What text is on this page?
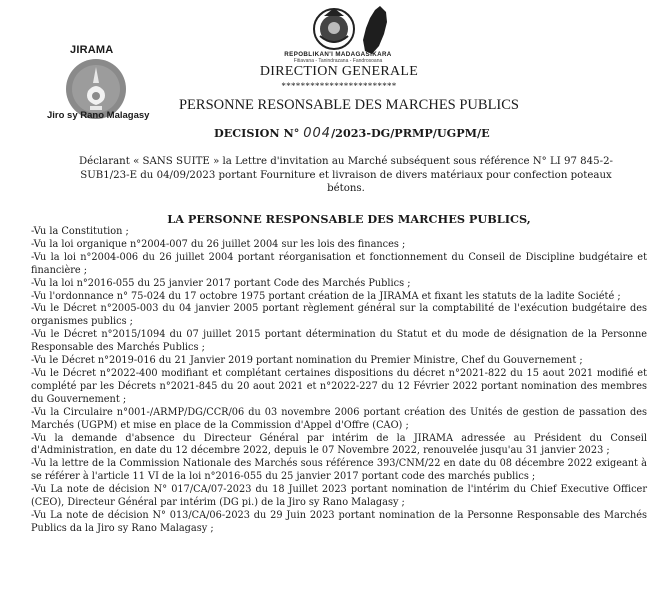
JIRAMA
Jiro sy Rano Malagasy
REPOBLIKAN'I MADAGASIKARA
Fitiavana - Tanindrazana - Fandrosoana
DIRECTION GENERALE
************************
PERSONNE RESONSABLE DES MARCHES PUBLICS
DECISION N° 004/2023-DG/PRMP/UGPM/E
Déclarant « SANS SUITE » la Lettre d'invitation au Marché subséquent sous référence N° LI 97 845-2-SUB1/23-E du 04/09/2023 portant Fourniture et livraison de divers matériaux pour confection poteaux bétons.
LA PERSONNE RESPONSABLE DES MARCHES PUBLICS,
-Vu la Constitution ;
-Vu la loi organique n°2004-007 du 26 juillet 2004 sur les lois des finances ;
-Vu la loi n°2004-006 du 26 juillet 2004 portant réorganisation et fonctionnement du Conseil de Discipline budgétaire et financière ;
-Vu la loi n°2016-055 du 25 janvier 2017 portant Code des Marchés Publics ;
-Vu l'ordonnance n° 75-024 du 17 octobre 1975 portant création de la JIRAMA et fixant les statuts de la ladite Société ;
-Vu le Décret n°2005-003 du 04 janvier 2005 portant règlement général sur la comptabilité de l'exécution budgétaire des organismes publics ;
-Vu le Décret n°2015/1094 du 07 juillet 2015 portant détermination du Statut et du mode de désignation de la Personne Responsable des Marchés Publics ;
-Vu le Décret n°2019-016 du 21 Janvier 2019 portant nomination du Premier Ministre, Chef du Gouvernement ;
-Vu le Décret n°2022-400 modifiant et complétant certaines dispositions du décret n°2021-822 du 15 aout 2021 modifié et complété par les Décrets n°2021-845 du 20 aout 2021 et n°2022-227 du 12 Février 2022 portant nomination des membres du Gouvernement ;
-Vu la Circulaire n°001-/ARMP/DG/CCR/06 du 03 novembre 2006 portant création des Unités de gestion de passation des Marchés (UGPM) et mise en place de la Commission d'Appel d'Offre (CAO) ;
-Vu la demande d'absence du Directeur Général par intérim de la JIRAMA adressée au Président du Conseil d'Administration, en date du 12 décembre 2022, depuis le 07 Novembre 2022, renouvelée jusqu'au 31 janvier 2023 ;
-Vu la lettre de la Commission Nationale des Marchés sous référence 393/CNM/22 en date du 08 décembre 2022 exigeant à se référer à l'article 11 VI de la loi n°2016-055 du 25 janvier 2017 portant code des marchés publics ;
-Vu La note de décision N° 017/CA/07-2023 du 18 Juillet 2023 portant nomination de l'intérim du Chief Executive Officer (CEO), Directeur Général par intérim (DG pi.) de la Jiro sy Rano Malagasy ;
-Vu La note de décision N° 013/CA/06-2023 du 29 Juin 2023 portant nomination de la Personne Responsable des Marchés Publics da la Jiro sy Rano Malagasy ;
